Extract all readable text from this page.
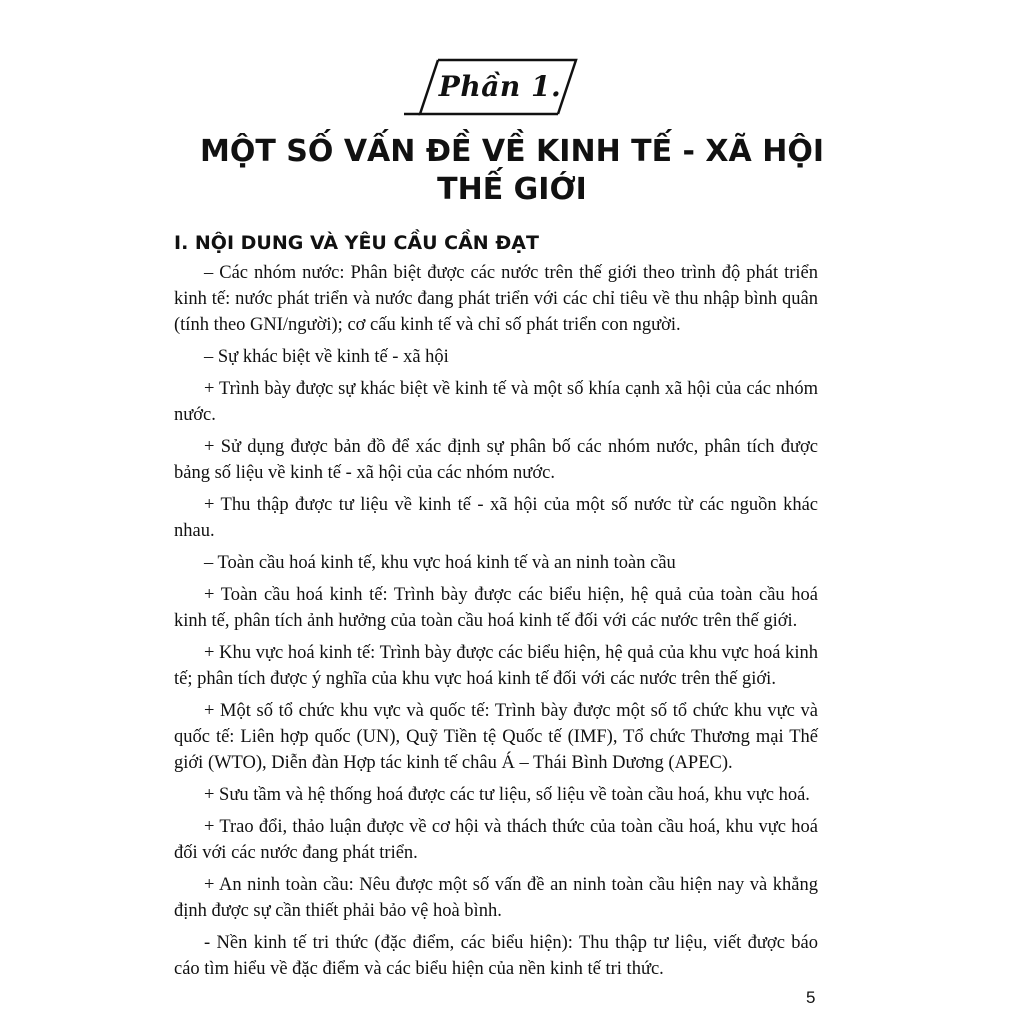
Phần 1.
MỘT SỐ VẤN ĐỀ VỀ KINH TẾ - XÃ HỘI
THẾ GIỚI
I. NỘI DUNG VÀ YÊU CẦU CẦN ĐẠT

– Các nhóm nước: Phân biệt được các nước trên thế giới theo trình độ phát triển kinh tế: nước phát triển và nước đang phát triển với các chỉ tiêu về thu nhập bình quân (tính theo GNI/người); cơ cấu kinh tế và chỉ số phát triển con người.

– Sự khác biệt về kinh tế - xã hội

+ Trình bày được sự khác biệt về kinh tế và một số khía cạnh xã hội của các nhóm nước.

+ Sử dụng được bản đồ để xác định sự phân bố các nhóm nước, phân tích được bảng số liệu về kinh tế - xã hội của các nhóm nước.

+ Thu thập được tư liệu về kinh tế - xã hội của một số nước từ các nguồn khác nhau.

– Toàn cầu hoá kinh tế, khu vực hoá kinh tế và an ninh toàn cầu

+ Toàn cầu hoá kinh tế: Trình bày được các biểu hiện, hệ quả của toàn cầu hoá kinh tế, phân tích ảnh hưởng của toàn cầu hoá kinh tế đối với các nước trên thế giới.

+ Khu vực hoá kinh tế: Trình bày được các biểu hiện, hệ quả của khu vực hoá kinh tế; phân tích được ý nghĩa của khu vực hoá kinh tế đối với các nước trên thế giới.

+ Một số tổ chức khu vực và quốc tế: Trình bày được một số tổ chức khu vực và quốc tế: Liên hợp quốc (UN), Quỹ Tiền tệ Quốc tế (IMF), Tổ chức Thương mại Thế giới (WTO), Diễn đàn Hợp tác kinh tế châu Á – Thái Bình Dương (APEC).

+ Sưu tầm và hệ thống hoá được các tư liệu, số liệu về toàn cầu hoá, khu vực hoá.

+ Trao đổi, thảo luận được về cơ hội và thách thức của toàn cầu hoá, khu vực hoá đối với các nước đang phát triển.

+ An ninh toàn cầu: Nêu được một số vấn đề an ninh toàn cầu hiện nay và khẳng định được sự cần thiết phải bảo vệ hoà bình.

- Nền kinh tế tri thức (đặc điểm, các biểu hiện): Thu thập tư liệu, viết được báo cáo tìm hiểu về đặc điểm và các biểu hiện của nền kinh tế tri thức.

5
